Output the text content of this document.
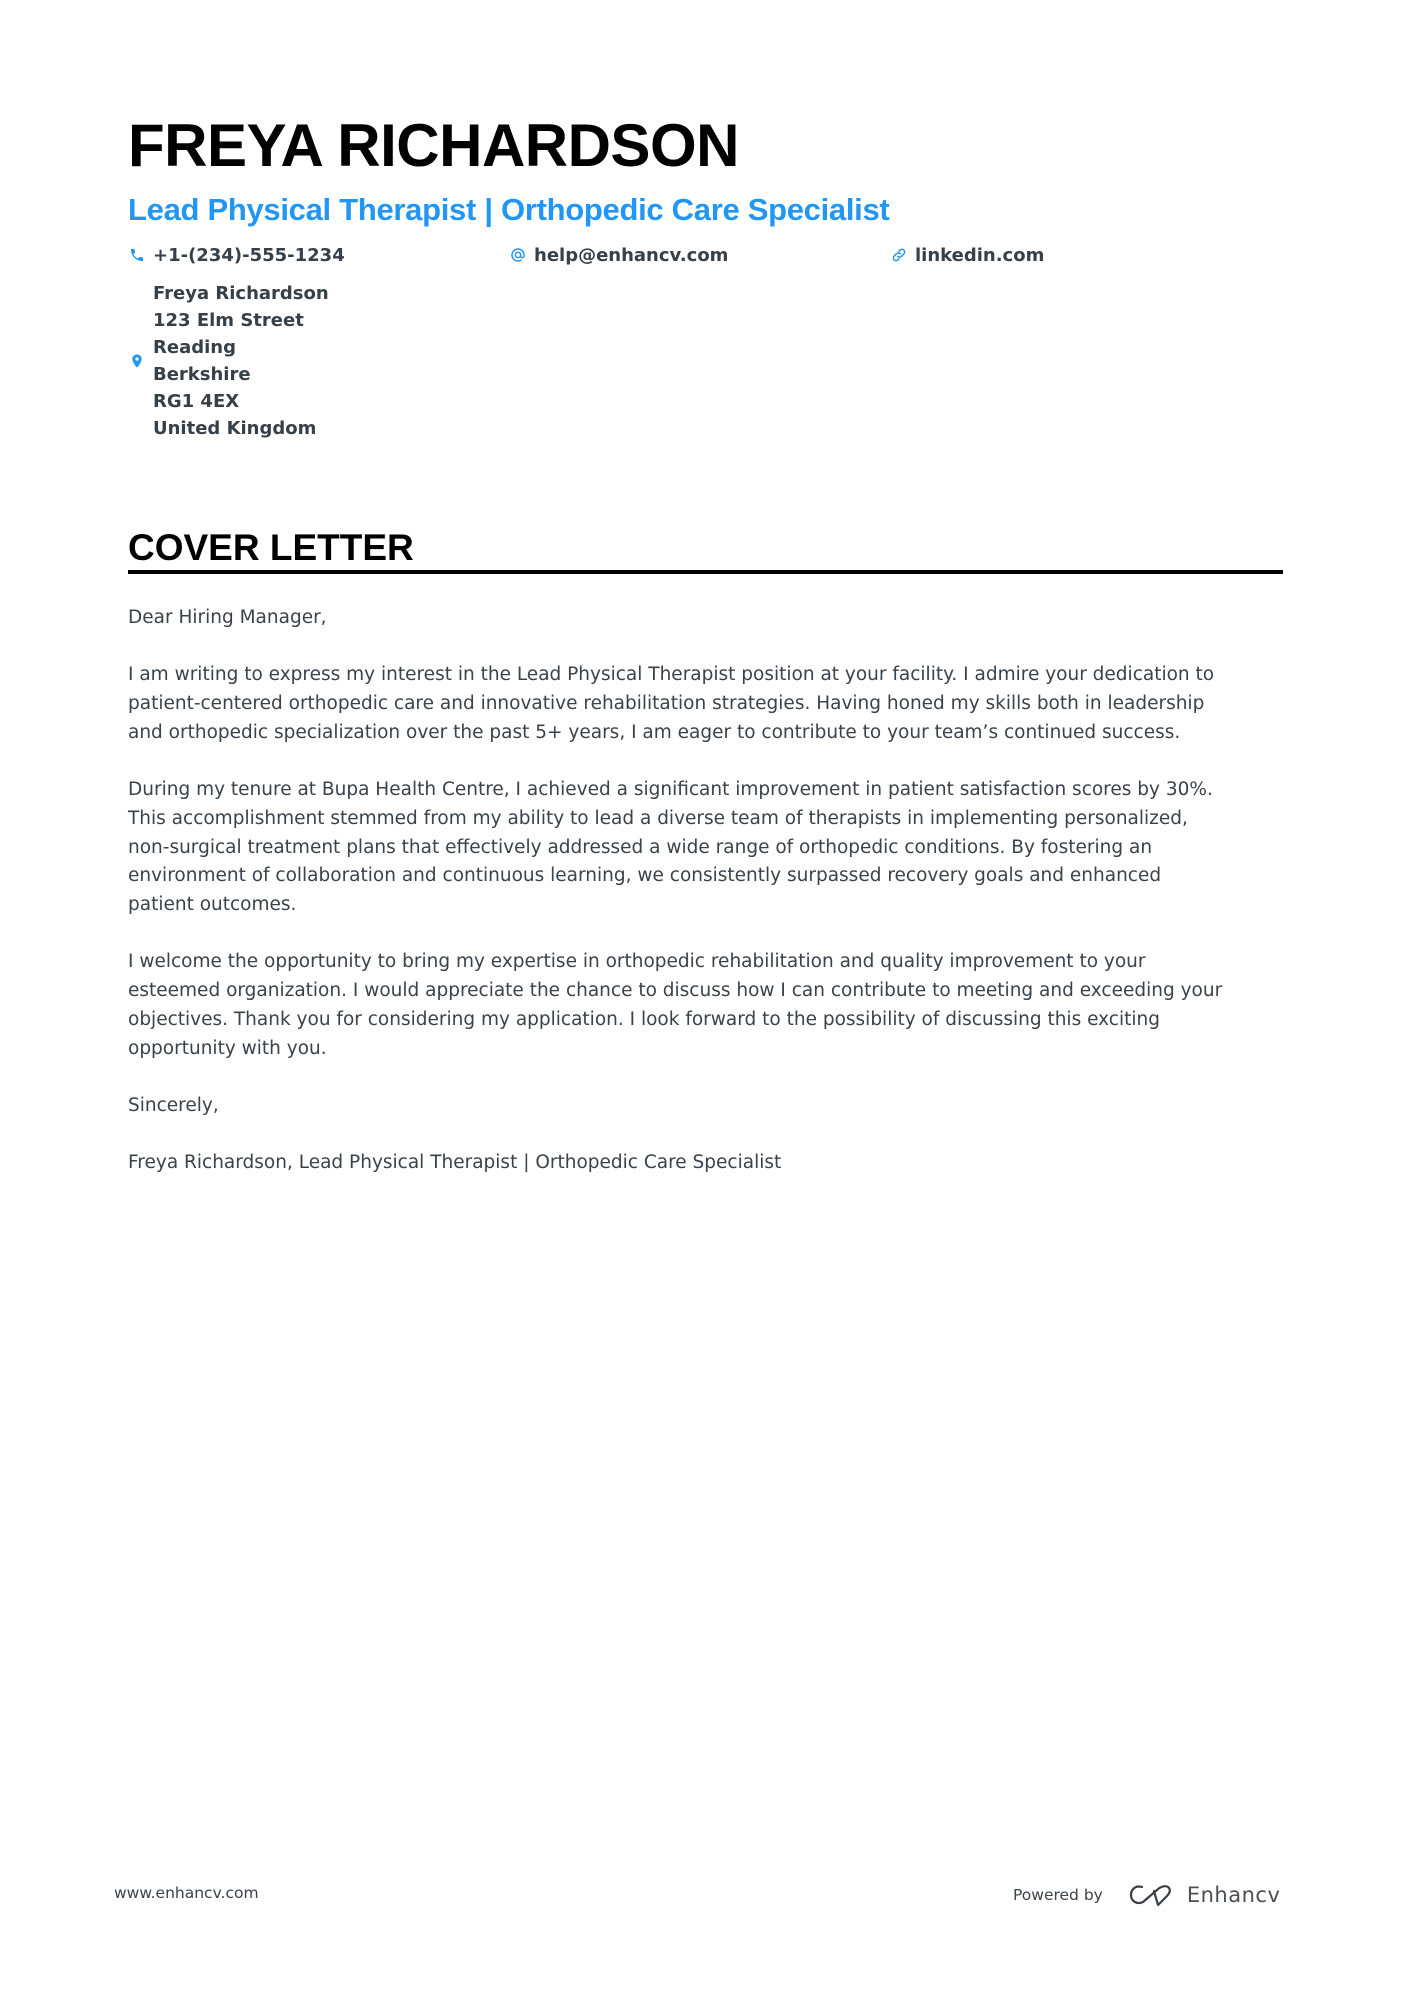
FREYA RICHARDSON
Lead Physical Therapist | Orthopedic Care Specialist
+1-(234)-555-1234	help@enhancv.com	linkedin.com
Freya Richardson
123 Elm Street
Reading
Berkshire
RG1 4EX
United Kingdom
COVER LETTER

Dear Hiring Manager,

I am writing to express my interest in the Lead Physical Therapist position at your facility. I admire your dedication to
patient-centered orthopedic care and innovative rehabilitation strategies. Having honed my skills both in leadership
and orthopedic specialization over the past 5+ years, I am eager to contribute to your team’s continued success.

During my tenure at Bupa Health Centre, I achieved a significant improvement in patient satisfaction scores by 30%.
This accomplishment stemmed from my ability to lead a diverse team of therapists in implementing personalized,
non-surgical treatment plans that effectively addressed a wide range of orthopedic conditions. By fostering an
environment of collaboration and continuous learning, we consistently surpassed recovery goals and enhanced
patient outcomes.

I welcome the opportunity to bring my expertise in orthopedic rehabilitation and quality improvement to your
esteemed organization. I would appreciate the chance to discuss how I can contribute to meeting and exceeding your
objectives. Thank you for considering my application. I look forward to the possibility of discussing this exciting
opportunity with you.

Sincerely,

Freya Richardson, Lead Physical Therapist | Orthopedic Care Specialist

www.enhancv.com	Powered by	Enhancv
